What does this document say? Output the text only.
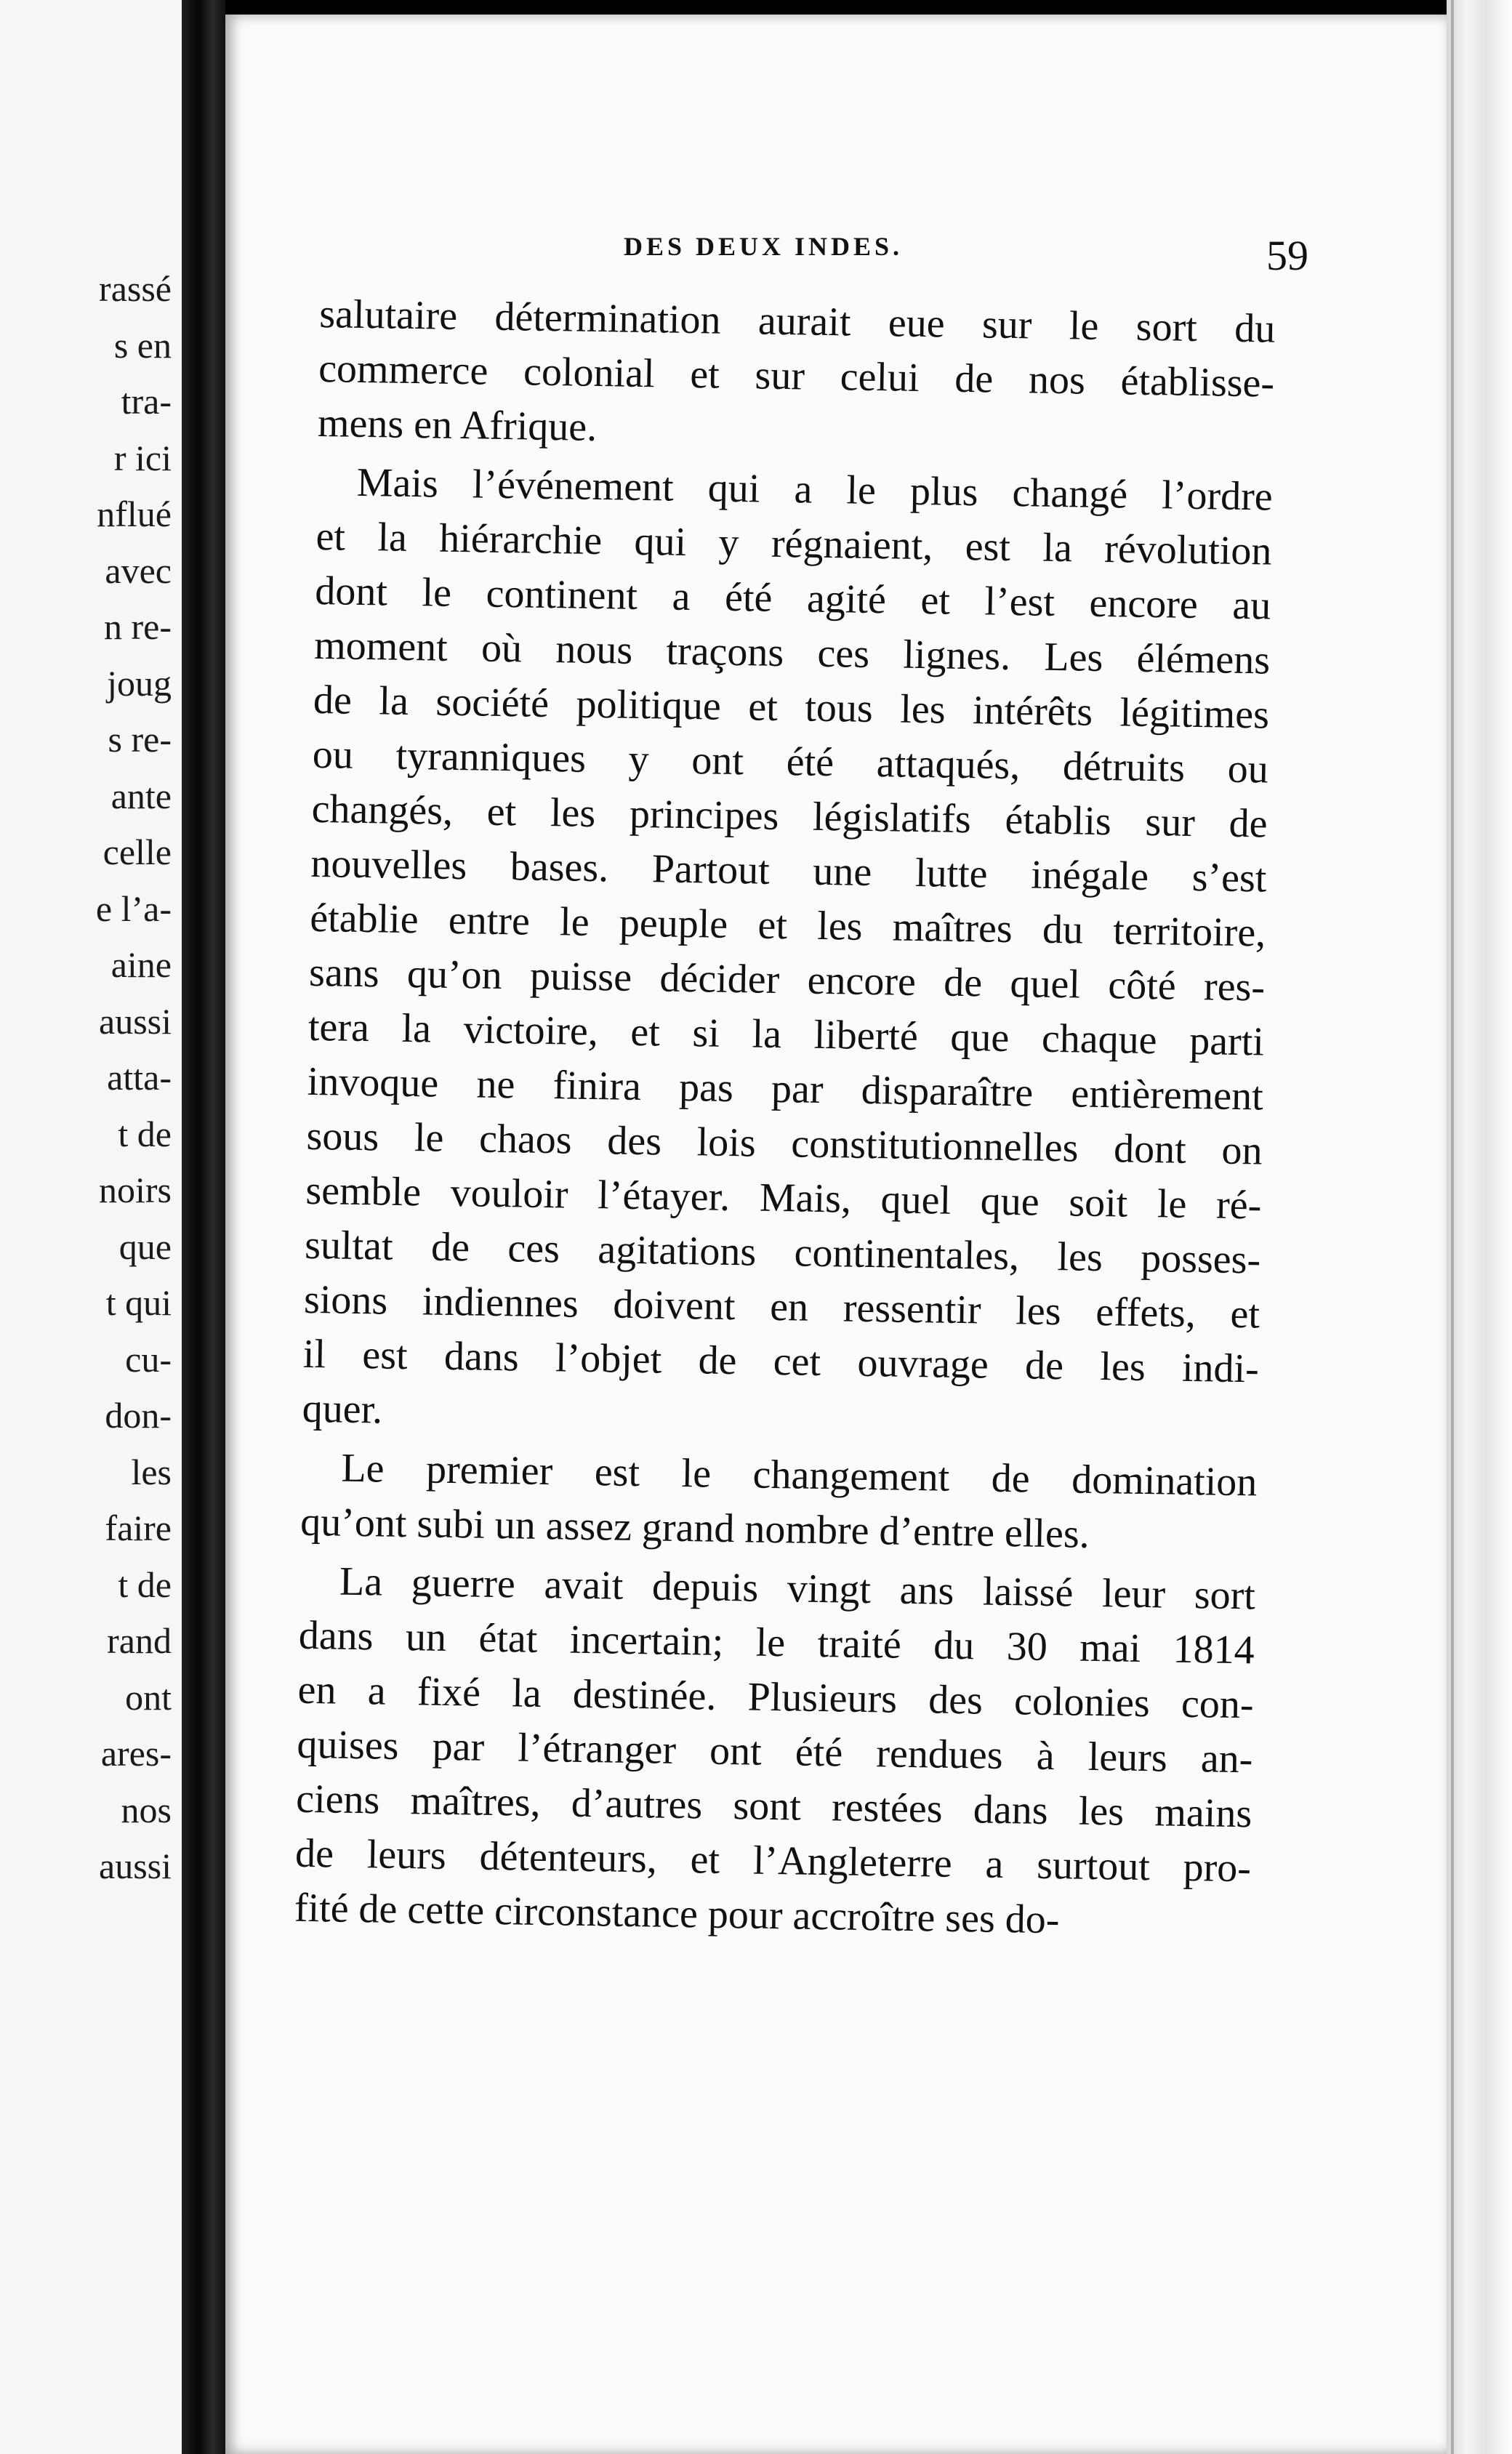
rassé
s en
tra-
r ici
nflué
avec
n re-
joug
s re-
ante
celle
e l’a-
aine
aussi
atta-
t de
noirs
que
t qui
cu-
don-
les
faire
t de
rand
ont
ares-
nos
aussi
DES DEUX INDES.	59
salutaire détermination aurait eue sur le sort du
commerce colonial et sur celui de nos établisse-
mens en Afrique.
Mais l’événement qui a le plus changé l’ordre
et la hiérarchie qui y régnaient, est la révolution
dont le continent a été agité et l’est encore au
moment où nous traçons ces lignes. Les élémens
de la société politique et tous les intérêts légitimes
ou tyranniques y ont été attaqués, détruits ou
changés, et les principes législatifs établis sur de
nouvelles bases. Partout une lutte inégale s’est
établie entre le peuple et les maîtres du territoire,
sans qu’on puisse décider encore de quel côté res-
tera la victoire, et si la liberté que chaque parti
invoque ne finira pas par disparaître entièrement
sous le chaos des lois constitutionnelles dont on
semble vouloir l’étayer. Mais, quel que soit le ré-
sultat de ces agitations continentales, les posses-
sions indiennes doivent en ressentir les effets, et
il est dans l’objet de cet ouvrage de les indi-
quer.
Le premier est le changement de domination
qu’ont subi un assez grand nombre d’entre elles.
La guerre avait depuis vingt ans laissé leur sort
dans un état incertain; le traité du 30 mai 1814
en a fixé la destinée. Plusieurs des colonies con-
quises par l’étranger ont été rendues à leurs an-
ciens maîtres, d’autres sont restées dans les mains
de leurs détenteurs, et l’Angleterre a surtout pro-
fité de cette circonstance pour accroître ses do-
